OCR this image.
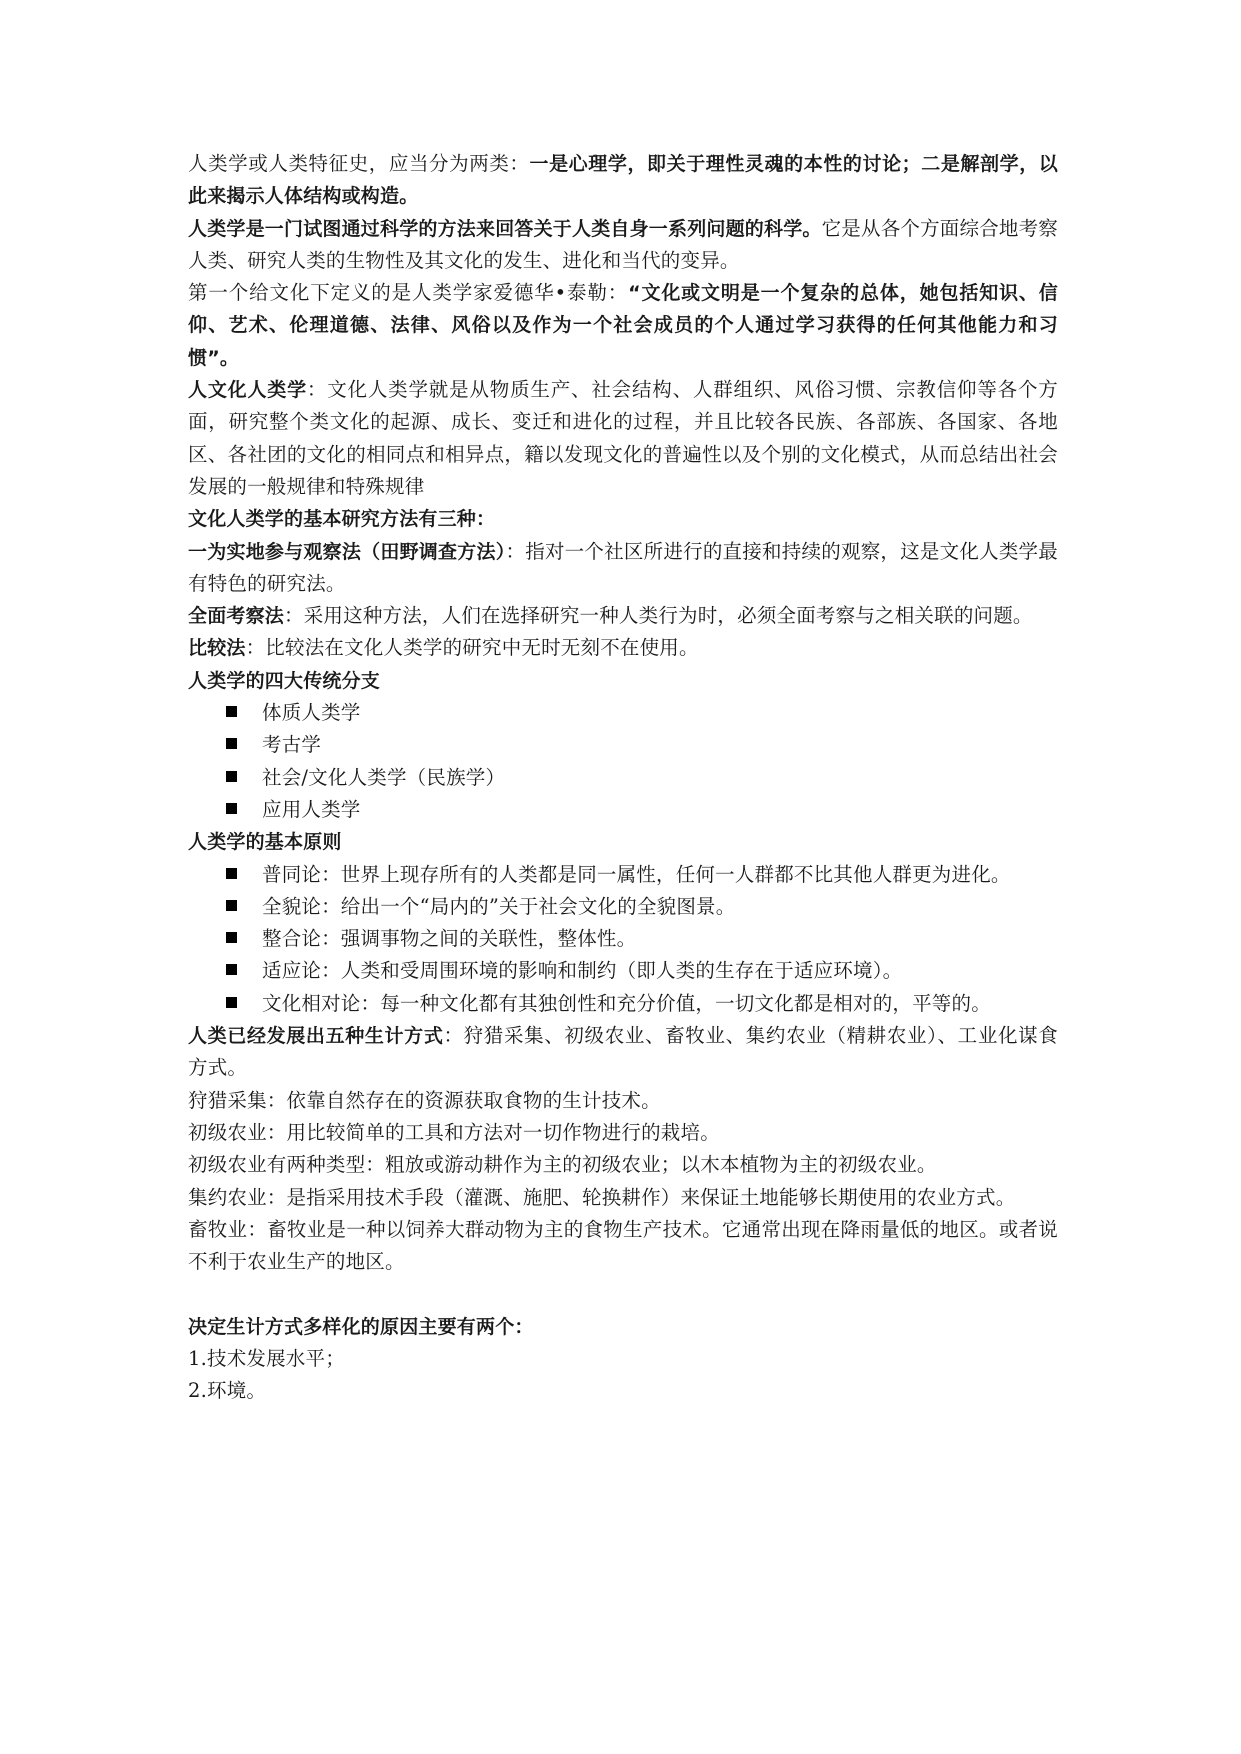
人类学或人类特征史，应当分为两类：一是心理学，即关于理性灵魂的本性的讨论；二是解剖学，以此来揭示人体结构或构造。

人类学是一门试图通过科学的方法来回答关于人类自身一系列问题的科学。它是从各个方面综合地考察人类、研究人类的生物性及其文化的发生、进化和当代的变异。

第一个给文化下定义的是人类学家爱德华•泰勒：“文化或文明是一个复杂的总体，她包括知识、信仰、艺术、伦理道德、法律、风俗以及作为一个社会成员的个人通过学习获得的任何其他能力和习惯”。

人文化人类学：文化人类学就是从物质生产、社会结构、人群组织、风俗习惯、宗教信仰等各个方面，研究整个类文化的起源、成长、变迁和进化的过程，并且比较各民族、各部族、各国家、各地区、各社团的文化的相同点和相异点，籍以发现文化的普遍性以及个别的文化模式，从而总结出社会发展的一般规律和特殊规律

文化人类学的基本研究方法有三种：

一为实地参与观察法（田野调查方法）：指对一个社区所进行的直接和持续的观察，这是文化人类学最有特色的研究法。

全面考察法：采用这种方法，人们在选择研究一种人类行为时，必须全面考察与之相关联的问题。

比较法：比较法在文化人类学的研究中无时无刻不在使用。

人类学的四大传统分支

体质人类学
考古学
社会/文化人类学（民族学）
应用人类学

人类学的基本原则

普同论：世界上现存所有的人类都是同一属性，任何一人群都不比其他人群更为进化。
全貌论：给出一个“局内的”关于社会文化的全貌图景。
整合论：强调事物之间的关联性，整体性。
适应论：人类和受周围环境的影响和制约（即人类的生存在于适应环境）。
文化相对论：每一种文化都有其独创性和充分价值，一切文化都是相对的，平等的。

人类已经发展出五种生计方式：狩猎采集、初级农业、畜牧业、集约农业（精耕农业）、工业化谋食方式。

狩猎采集：依靠自然存在的资源获取食物的生计技术。

初级农业：用比较简单的工具和方法对一切作物进行的栽培。

初级农业有两种类型：粗放或游动耕作为主的初级农业；以木本植物为主的初级农业。

集约农业：是指采用技术手段（灌溉、施肥、轮换耕作）来保证土地能够长期使用的农业方式。

畜牧业：畜牧业是一种以饲养大群动物为主的食物生产技术。它通常出现在降雨量低的地区。或者说不利于农业生产的地区。

决定生计方式多样化的原因主要有两个：

1.技术发展水平；

2.环境。
